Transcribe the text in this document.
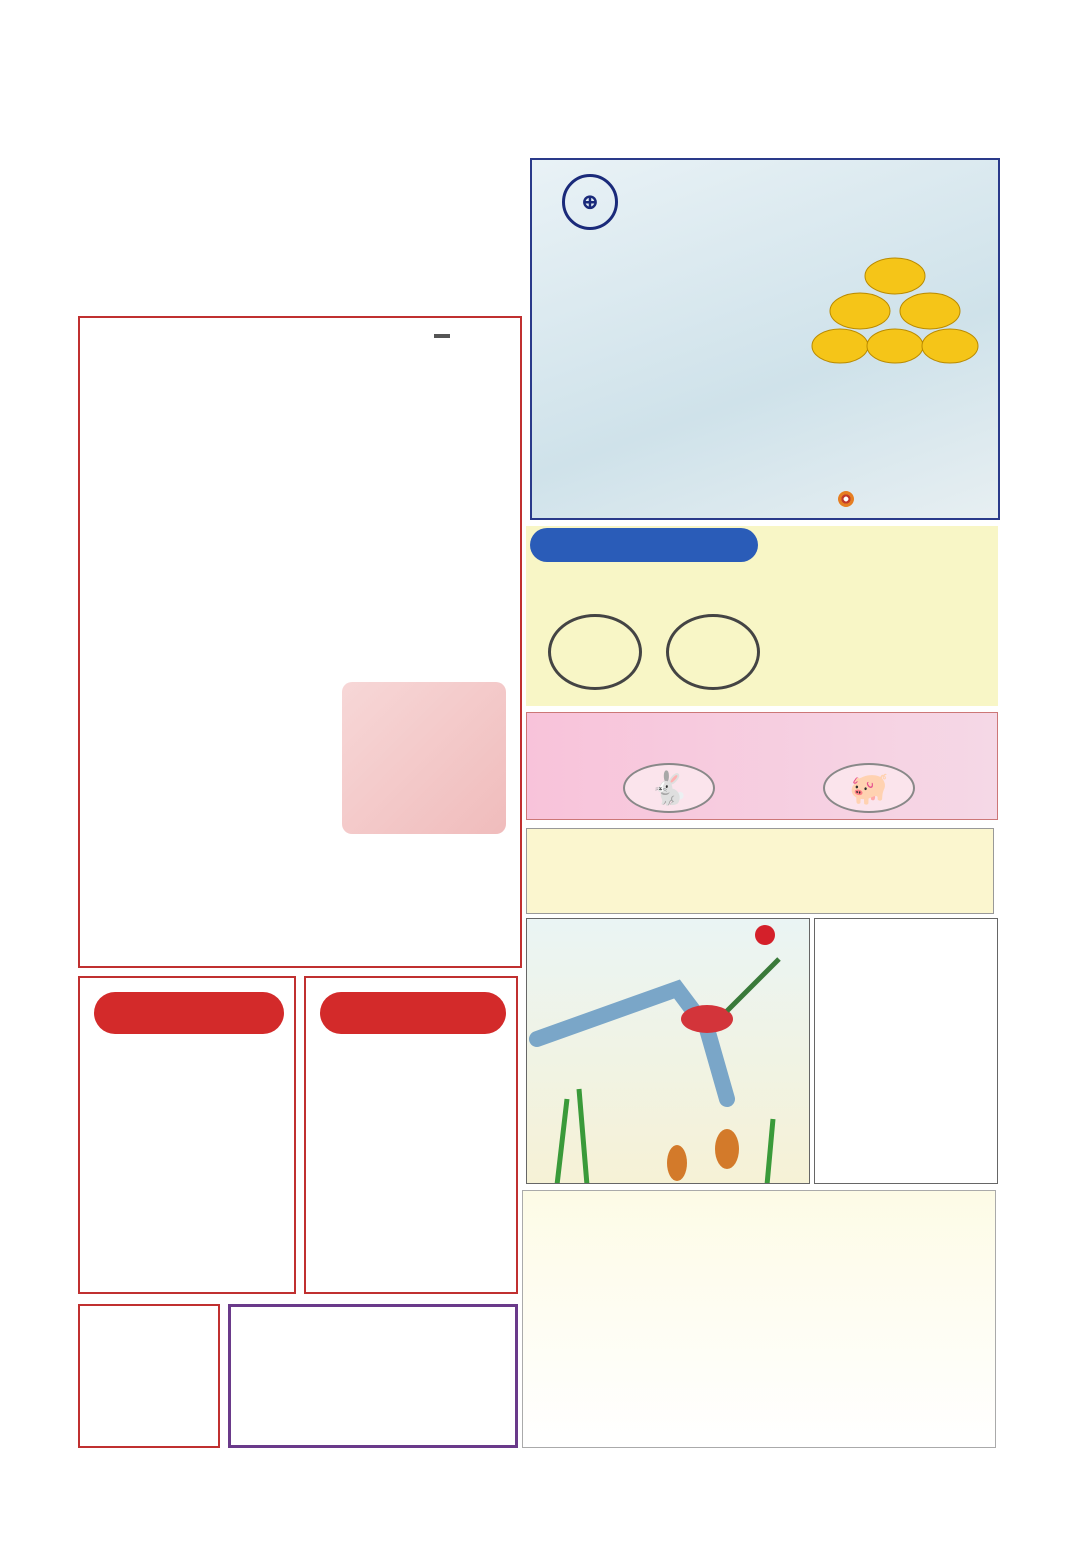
⊕
🐇	🐖
